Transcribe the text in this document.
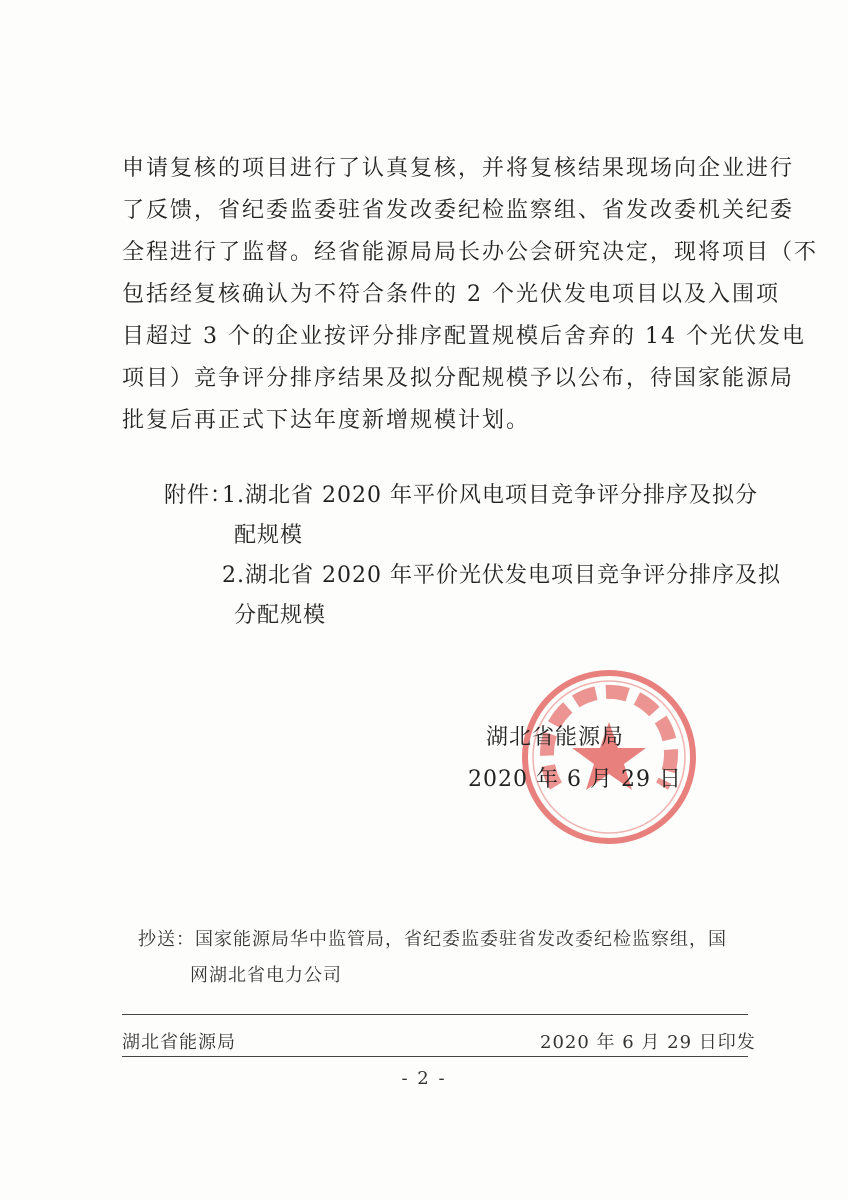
申请复核的项目进行了认真复核，并将复核结果现场向企业进行
了反馈，省纪委监委驻省发改委纪检监察组、省发改委机关纪委
全程进行了监督。经省能源局局长办公会研究决定，现将项目（不
包括经复核确认为不符合条件的 2 个光伏发电项目以及入围项
目超过 3 个的企业按评分排序配置规模后舍弃的 14 个光伏发电
项目）竞争评分排序结果及拟分配规模予以公布，待国家能源局
批复后再正式下达年度新增规模计划。
附件：
1.湖北省 2020 年平价风电项目竞争评分排序及拟分
配规模
2.湖北省 2020 年平价光伏发电项目竞争评分排序及拟
分配规模
湖北省能源局
2020 年 6 月 29 日
抄送：国家能源局华中监管局，省纪委监委驻省发改委纪检监察组，国
网湖北省电力公司
湖北省能源局	2020 年 6 月 29 日印发
- 2 -
